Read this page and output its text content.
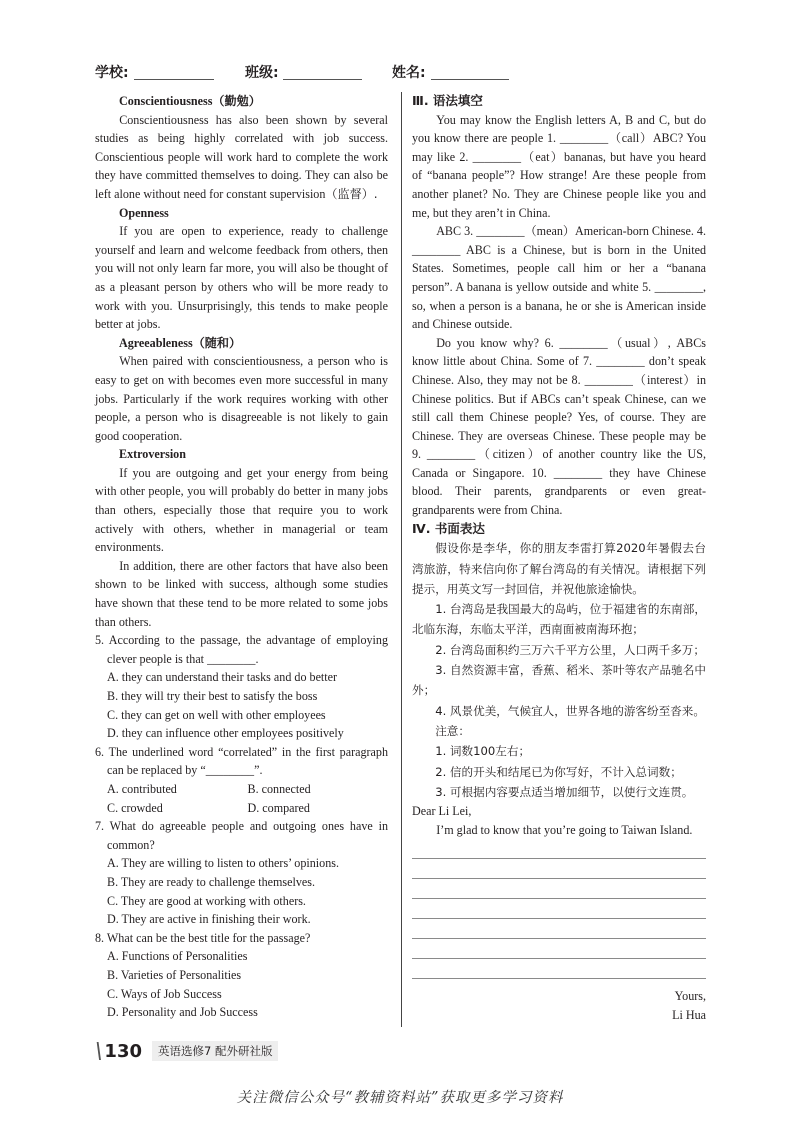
学校:	班级:	姓名:

Conscientiousness（勤勉）

Conscientiousness has also been shown by several studies as being highly correlated with job success. Conscientious people will work hard to complete the work they have committed themselves to doing. They can also be left alone without need for constant supervision（监督）.

Openness

If you are open to experience, ready to challenge yourself and learn and welcome feedback from others, then you will not only learn far more, you will also be thought of as a pleasant person by others who will be more ready to work with you. Unsurprisingly, this tends to make people better at jobs.

Agreeableness（随和）

When paired with conscientiousness, a person who is easy to get on with becomes even more successful in many jobs. Particularly if the work requires working with other people, a person who is disagreeable is not likely to gain good cooperation.

Extroversion

If you are outgoing and get your energy from being with other people, you will probably do better in many jobs than others, especially those that require you to work actively with others, whether in managerial or team environments.

In addition, there are other factors that have also been shown to be linked with success, although some studies have shown that these tend to be more related to some jobs than others.

5. According to the passage, the advantage of employing clever people is that ________.

A. they can understand their tasks and do better
B. they will try their best to satisfy the boss
C. they can get on well with other employees
D. they can influence other employees positively

6. The underlined word “correlated” in the first paragraph can be replaced by “________”.

A. contributed	B. connected
C. crowded	D. compared

7. What do agreeable people and outgoing ones have in common?

A. They are willing to listen to others’ opinions.
B. They are ready to challenge themselves.
C. They are good at working with others.
D. They are active in finishing their work.

8. What can be the best title for the passage?

A. Functions of Personalities
B. Varieties of Personalities
C. Ways of Job Success
D. Personality and Job Success

Ⅲ. 语法填空

You may know the English letters A, B and C, but do you know there are people 1. ________（call）ABC? You may like 2. ________（eat）bananas, but have you heard of “banana people”? How strange! Are these people from another planet? No. They are Chinese people like you and me, but they aren’t in China.

ABC 3. ________（mean）American-born Chinese. 4. ________ ABC is a Chinese, but is born in the United States. Sometimes, people call him or her a “banana person”. A banana is yellow outside and white 5. ________, so, when a person is a banana, he or she is American inside and Chinese outside.

Do you know why? 6. ________（usual）, ABCs know little about China. Some of 7. ________ don’t speak Chinese. Also, they may not be 8. ________（interest）in Chinese politics. But if ABCs can’t speak Chinese, can we still call them Chinese people? Yes, of course. They are Chinese. They are overseas Chinese. These people may be 9. ________（citizen）of another country like the US, Canada or Singapore. 10. ________ they have Chinese blood. Their parents, grandparents or even great-grandparents were from China.

Ⅳ. 书面表达

假设你是李华，你的朋友李雷打算2020年暑假去台湾旅游，特来信向你了解台湾岛的有关情况。请根据下列提示，用英文写一封回信，并祝他旅途愉快。

1. 台湾岛是我国最大的岛屿，位于福建省的东南部，北临东海，东临太平洋，西南面被南海环抱；

2. 台湾岛面积约三万六千平方公里，人口两千多万；

3. 自然资源丰富，香蕉、稻米、茶叶等农产品驰名中外；

4. 风景优美，气候宜人，世界各地的游客纷至沓来。

注意：

1. 词数100左右；

2. 信的开头和结尾已为你写好，不计入总词数；

3. 可根据内容要点适当增加细节，以使行文连贯。

Dear Li Lei,

I’m glad to know that you’re going to Taiwan Island.

Yours,

Li Hua

\ 130	英语选修7 配外研社版
关注微信公众号“教辅资料站”获取更多学习资料
